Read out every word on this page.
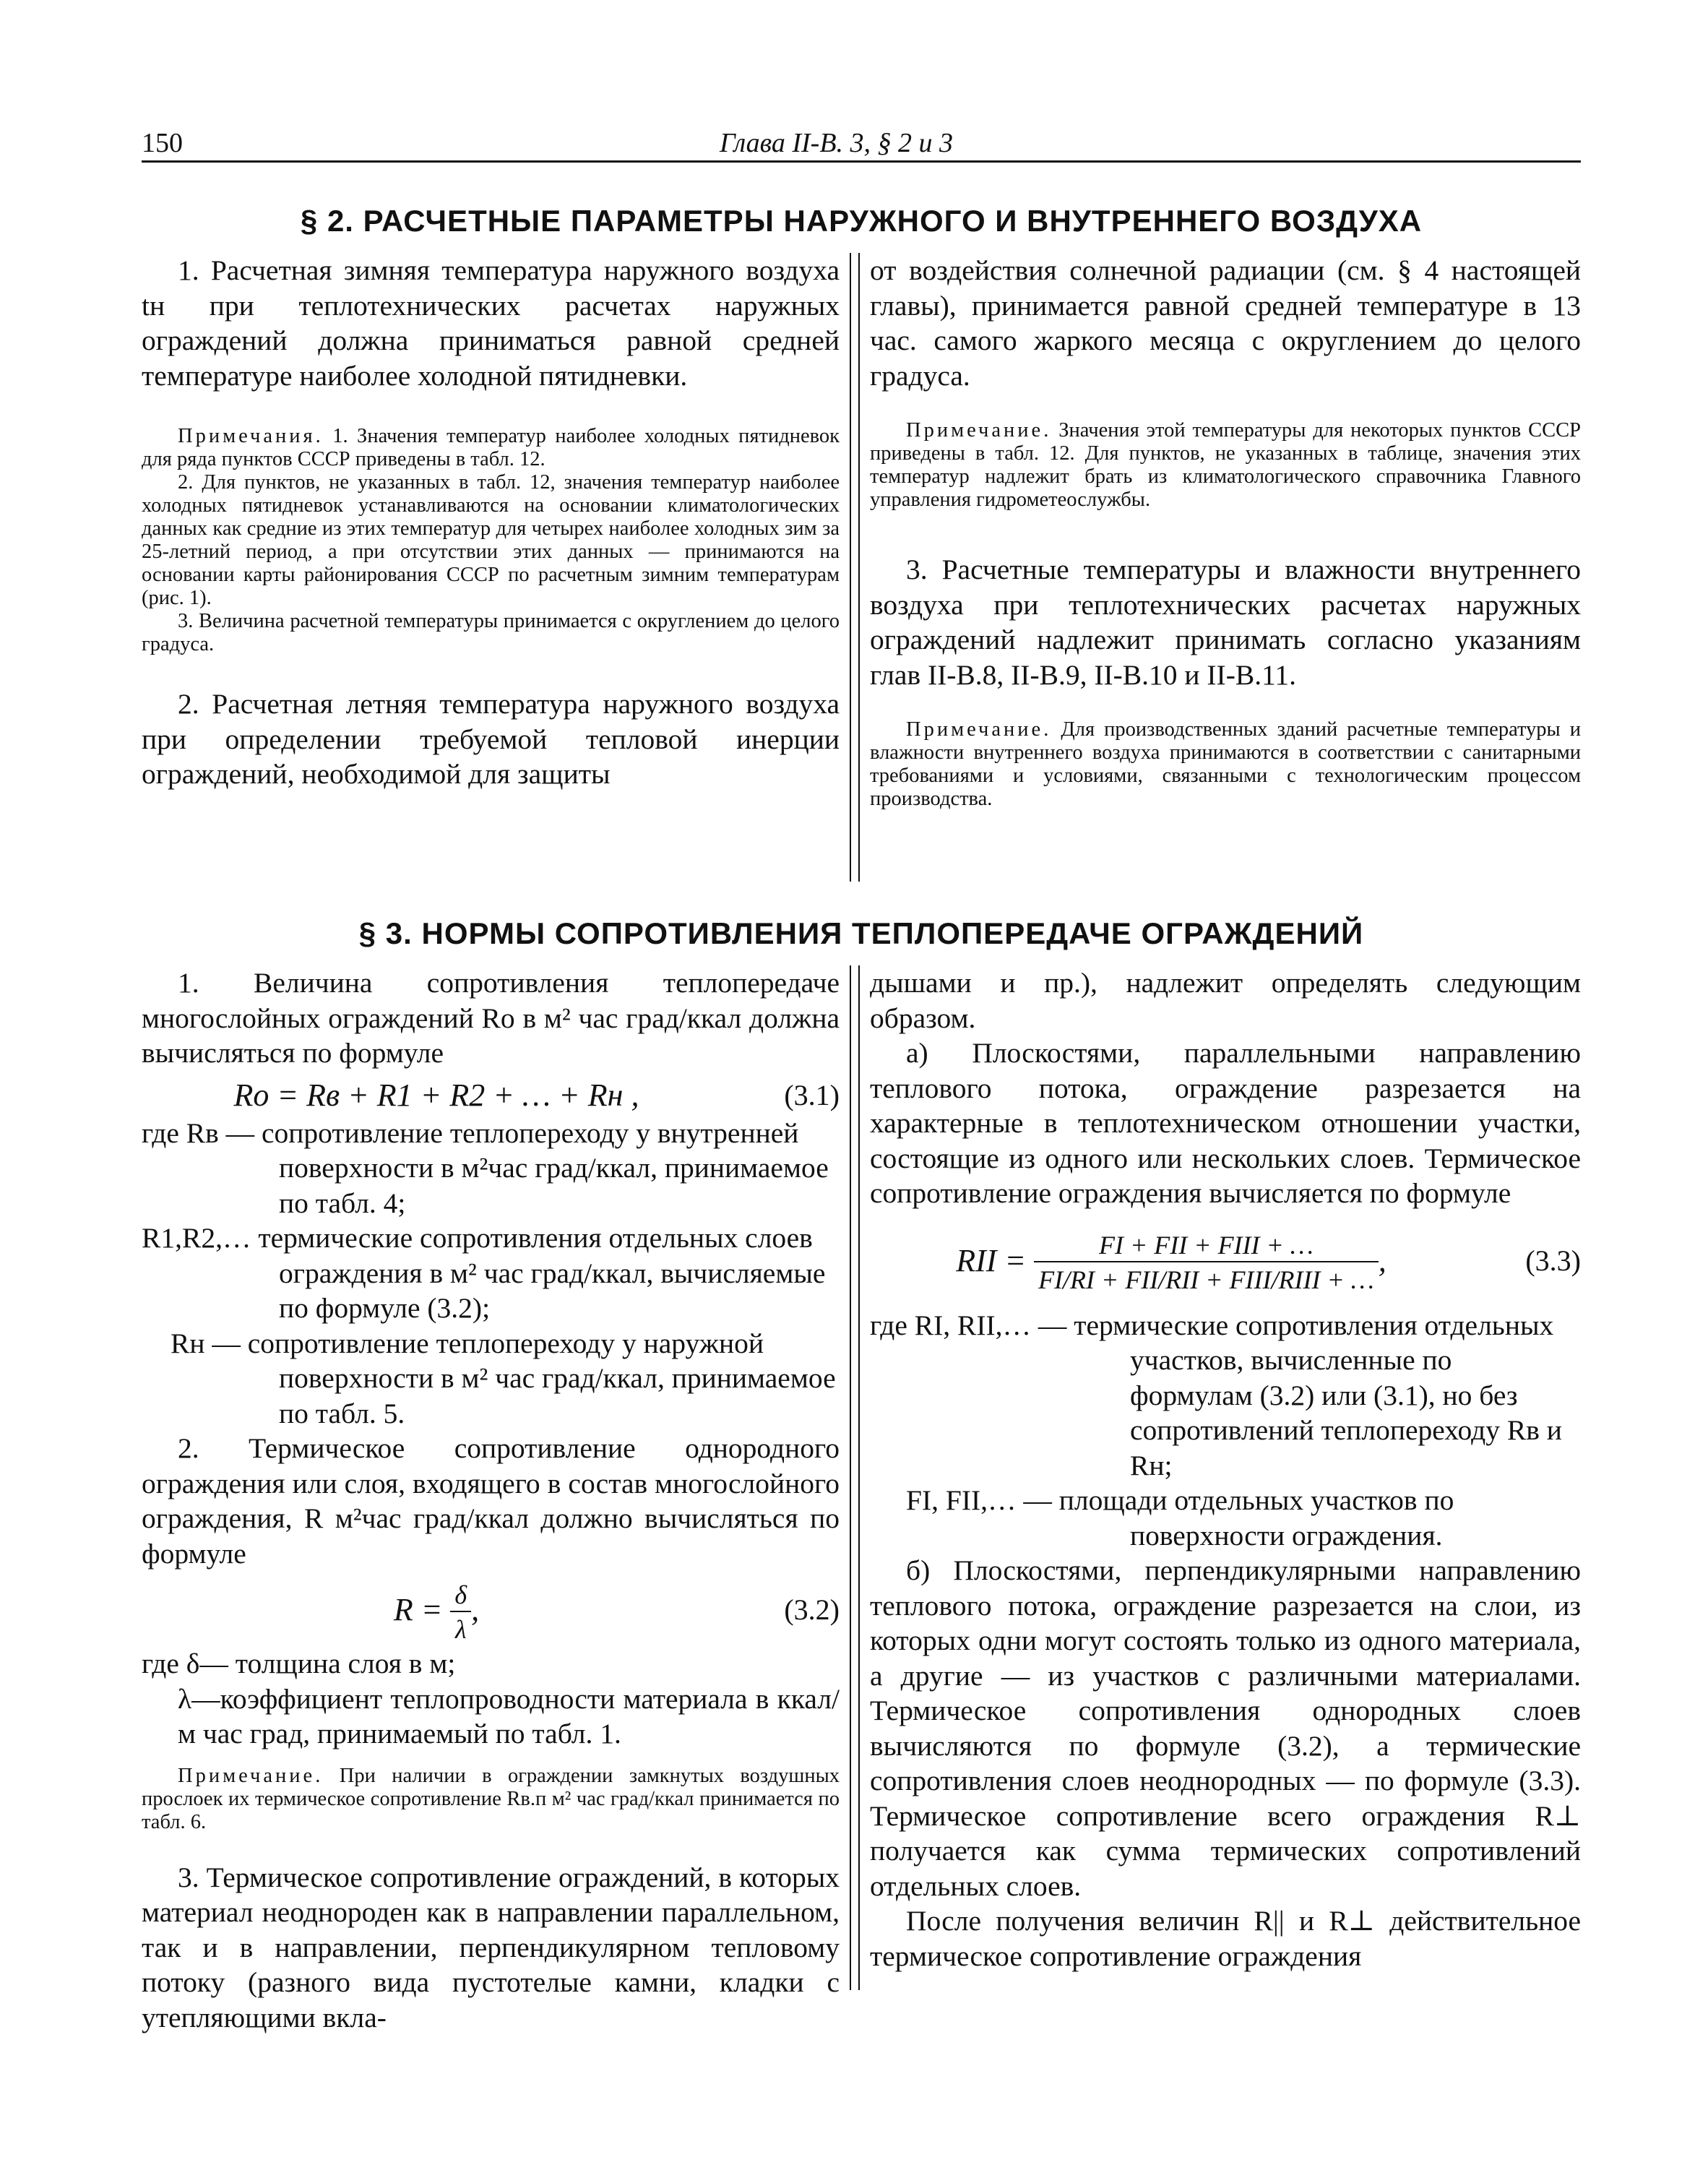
150	Глава II-В. 3, § 2 и 3
§ 2. РАСЧЕТНЫЕ ПАРАМЕТРЫ НАРУЖНОГО И ВНУТРЕННЕГО ВОЗДУХА

1. Расчетная зимняя температура наружного воздуха tн при теплотехнических расчетах наружных ограждений должна приниматься равной средней температуре наиболее холодной пятидневки.

Примечания. 1. Значения температур наиболее холодных пятидневок для ряда пунктов СССР приведены в табл. 12.

2. Для пунктов, не указанных в табл. 12, значения температур наиболее холодных пятидневок устанавливаются на основании климатологических данных как средние из этих температур для четырех наиболее холодных зим за 25-летний период, а при отсутствии этих данных — принимаются на основании карты районирования СССР по расчетным зимним температурам (рис. 1).

3. Величина расчетной температуры принимается с округлением до целого градуса.

2. Расчетная летняя температура наружного воздуха при определении требуемой тепловой инерции ограждений, необходимой для защиты

от воздействия солнечной радиации (см. § 4 настоящей главы), принимается равной средней температуре в 13 час. самого жаркого месяца с округлением до целого градуса.

Примечание. Значения этой температуры для некоторых пунктов СССР приведены в табл. 12. Для пунктов, не указанных в таблице, значения этих температур надлежит брать из климатологического справочника Главного управления гидрометеослужбы.

3. Расчетные температуры и влажности внутреннего воздуха при теплотехнических расчетах наружных ограждений надлежит принимать согласно указаниям глав II-В.8, II-В.9, II-В.10 и II-В.11.

Примечание. Для производственных зданий расчетные температуры и влажности внутреннего воздуха принимаются в соответствии с санитарными требованиями и условиями, связанными с технологическим процессом производства.

§ 3. НОРМЫ СОПРОТИВЛЕНИЯ ТЕПЛОПЕРЕДАЧЕ ОГРАЖДЕНИЙ

1. Величина сопротивления теплопередаче многослойных ограждений Rо в м² час град/ккал должна вычисляться по формуле

Rо = Rв + R1 + R2 + … + Rн ,	(3.1)

где Rв — сопротивление теплопереходу у внутренней поверхности в м²час град/ккал, принимаемое по табл. 4;

R1,R2,… термические сопротивления отдельных слоев ограждения в м² час град/ккал, вычисляемые по формуле (3.2);

Rн — сопротивление теплопереходу у наружной поверхности в м² час град/ккал, принимаемое по табл. 5.

2. Термическое сопротивление однородного ограждения или слоя, входящего в состав многослойного ограждения, R м²час град/ккал должно вычисляться по формуле

$R = \frac{\delta}{\lambda}$ ,	(3.2)

где δ— толщина слоя в м;

λ—коэффициент теплопроводности материала в ккал/м час град, принимаемый по табл. 1.

Примечание. При наличии в ограждении замкнутых воздушных прослоек их термическое сопротивление Rв.п м² час град/ккал принимается по табл. 6.

3. Термическое сопротивление ограждений, в которых материал неоднороден как в направлении параллельном, так и в направлении, перпендикулярном тепловому потоку (разного вида пустотелые камни, кладки с утепляющими вкла-

дышами и пр.), надлежит определять следующим образом.

а) Плоскостями, параллельными направлению теплового потока, ограждение разрезается на характерные в теплотехническом отношении участки, состоящие из одного или нескольких слоев. Термическое сопротивление ограждения вычисляется по формуле

RII = $\frac{\text{FI + FII + FIII + …}}{\text{FI/RI + FII/RII + FIII/RIII + …}}$ ,	(3.3)

где RI, RII,… — термические сопротивления отдельных участков, вычисленные по формулам (3.2) или (3.1), но без сопротивлений теплопереходу Rв и Rн;

FI, FII,… — площади отдельных участков по поверхности ограждения.

б) Плоскостями, перпендикулярными направлению теплового потока, ограждение разрезается на слои, из которых одни могут состоять только из одного материала, а другие — из участков с различными материалами. Термическое сопротивления однородных слоев вычисляются по формуле (3.2), а термические сопротивления слоев неоднородных — по формуле (3.3). Термическое сопротивление всего ограждения R⊥ получается как сумма термических сопротивлений отдельных слоев.

После получения величин R|| и R⊥ действительное термическое сопротивление ограждения
